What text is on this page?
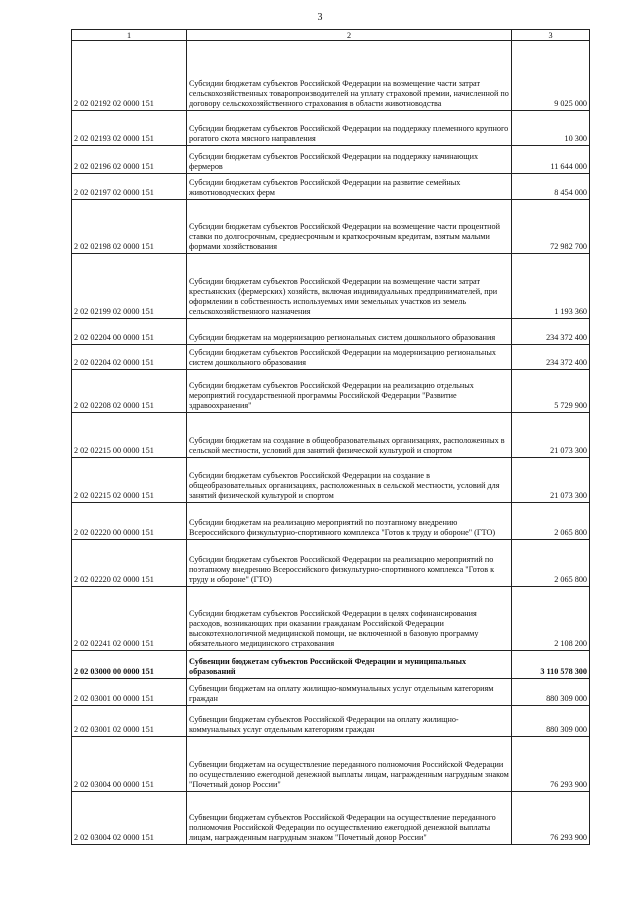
3
1	2	3
2 02 02192 02 0000 151	Субсидии бюджетам субъектов Российской Федерации на возмещение части затрат сельскохозяйственных товаропроизводителей на уплату страховой премии, начисленной по договору сельскохозяйственного страхования в области животноводства	9 025 000
2 02 02193 02 0000 151	Субсидии бюджетам субъектов Российской Федерации на поддержку племенного крупного рогатого скота мясного направления	10 300
2 02 02196 02 0000 151	Субсидии бюджетам субъектов Российской Федерации на поддержку начинающих фермеров	11 644 000
2 02 02197 02 0000 151	Субсидии бюджетам субъектов Российской Федерации на развитие семейных животноводческих ферм	8 454 000
2 02 02198 02 0000 151	Субсидии бюджетам субъектов Российской Федерации на возмещение части процентной ставки по долгосрочным, среднесрочным и краткосрочным кредитам, взятым малыми формами хозяйствования	72 982 700
2 02 02199 02 0000 151	Субсидии бюджетам субъектов Российской Федерации на возмещение части затрат крестьянских (фермерских) хозяйств, включая индивидуальных предпринимателей, при оформлении в собственность используемых ими земельных участков из земель сельскохозяйственного назначения	1 193 360
2 02 02204 00 0000 151	Субсидии бюджетам на модернизацию региональных систем дошкольного образования	234 372 400
2 02 02204 02 0000 151	Субсидии бюджетам субъектов Российской Федерации на модернизацию региональных систем дошкольного образования	234 372 400
2 02 02208 02 0000 151	Субсидии бюджетам субъектов Российской Федерации на реализацию отдельных мероприятий государственной программы Российской Федерации "Развитие здравоохранения"	5 729 900
2 02 02215 00 0000 151	Субсидии бюджетам на создание в общеобразовательных организациях, расположенных в сельской местности, условий для занятий физической культурой и спортом	21 073 300
2 02 02215 02 0000 151	Субсидии бюджетам субъектов Российской Федерации на создание в общеобразовательных организациях, расположенных в сельской местности, условий для занятий физической культурой и спортом	21 073 300
2 02 02220 00 0000 151	Субсидии бюджетам на реализацию мероприятий по поэтапному внедрению Всероссийского физкультурно-спортивного комплекса "Готов к труду и обороне" (ГТО)	2 065 800
2 02 02220 02 0000 151	Субсидии бюджетам субъектов Российской Федерации на реализацию мероприятий по поэтапному внедрению Всероссийского физкультурно-спортивного комплекса "Готов к труду и обороне" (ГТО)	2 065 800
2 02 02241 02 0000 151	Субсидии бюджетам субъектов Российской Федерации в целях софинансирования расходов, возникающих при оказании гражданам Российской Федерации высокотехнологичной медицинской помощи, не включенной в базовую программу обязательного медицинского страхования	2 108 200
2 02 03000 00 0000 151	Субвенции бюджетам субъектов Российской Федерации и муниципальных образований	3 110 578 300
2 02 03001 00 0000 151	Субвенции бюджетам на оплату жилищно-коммунальных услуг отдельным категориям граждан	880 309 000
2 02 03001 02 0000 151	Субвенции бюджетам субъектов Российской Федерации на оплату жилищно-коммунальных услуг отдельным категориям граждан	880 309 000
2 02 03004 00 0000 151	Субвенции бюджетам на осуществление переданного полномочия Российской Федерации по осуществлению ежегодной денежной выплаты лицам, награжденным нагрудным знаком "Почетный донор России"	76 293 900
2 02 03004 02 0000 151	Субвенции бюджетам субъектов Российской Федерации на осуществление переданного полномочия Российской Федерации по осуществлению ежегодной денежной выплаты лицам, награжденным нагрудным знаком "Почетный донор России"	76 293 900
